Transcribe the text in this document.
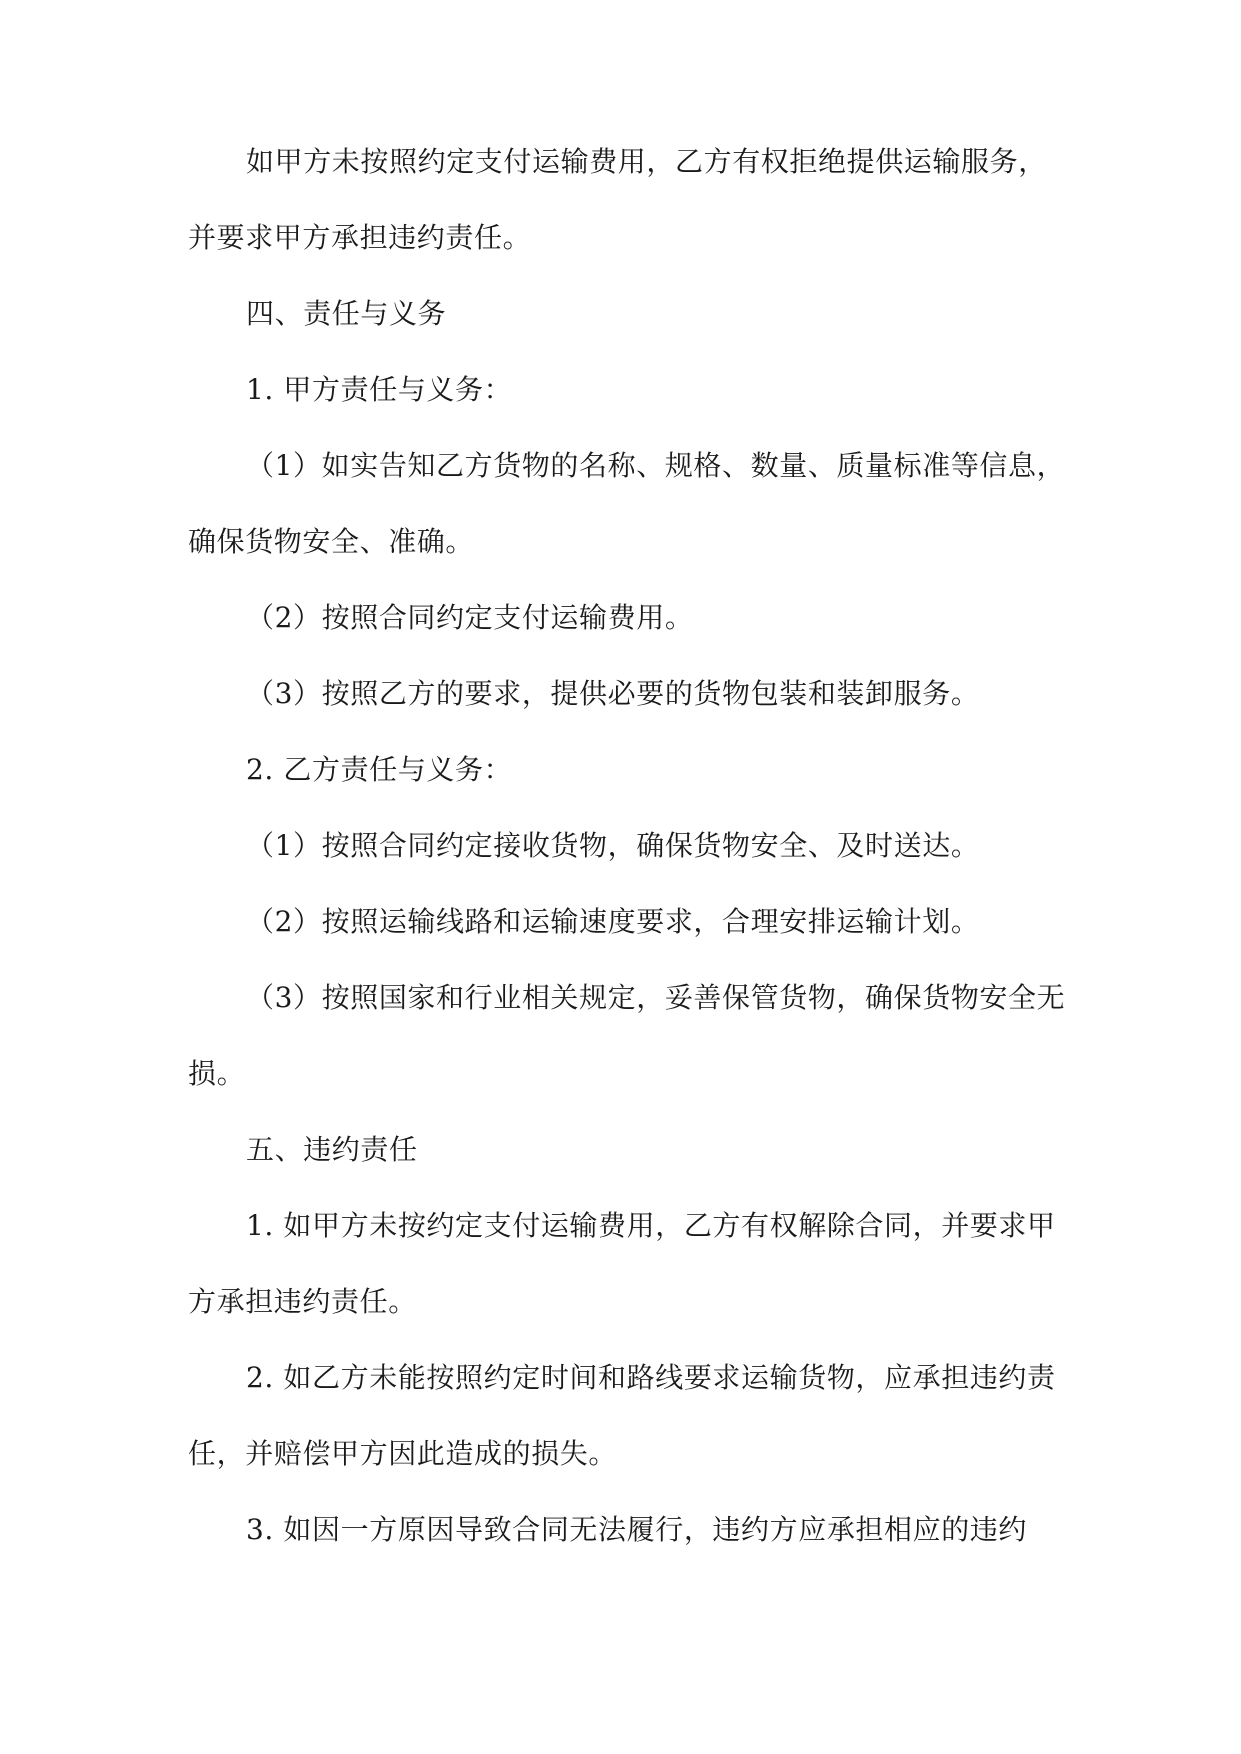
如甲方未按照约定支付运输费用，乙方有权拒绝提供运输服务，并要求甲方承担违约责任。

四、责任与义务

1. 甲方责任与义务：

（1）如实告知乙方货物的名称、规格、数量、质量标准等信息，确保货物安全、准确。

（2）按照合同约定支付运输费用。

（3）按照乙方的要求，提供必要的货物包装和装卸服务。

2. 乙方责任与义务：

（1）按照合同约定接收货物，确保货物安全、及时送达。

（2）按照运输线路和运输速度要求，合理安排运输计划。

（3）按照国家和行业相关规定，妥善保管货物，确保货物安全无损。

五、违约责任

1. 如甲方未按约定支付运输费用，乙方有权解除合同，并要求甲方承担违约责任。

2. 如乙方未能按照约定时间和路线要求运输货物，应承担违约责任，并赔偿甲方因此造成的损失。

3. 如因一方原因导致合同无法履行，违约方应承担相应的违约
